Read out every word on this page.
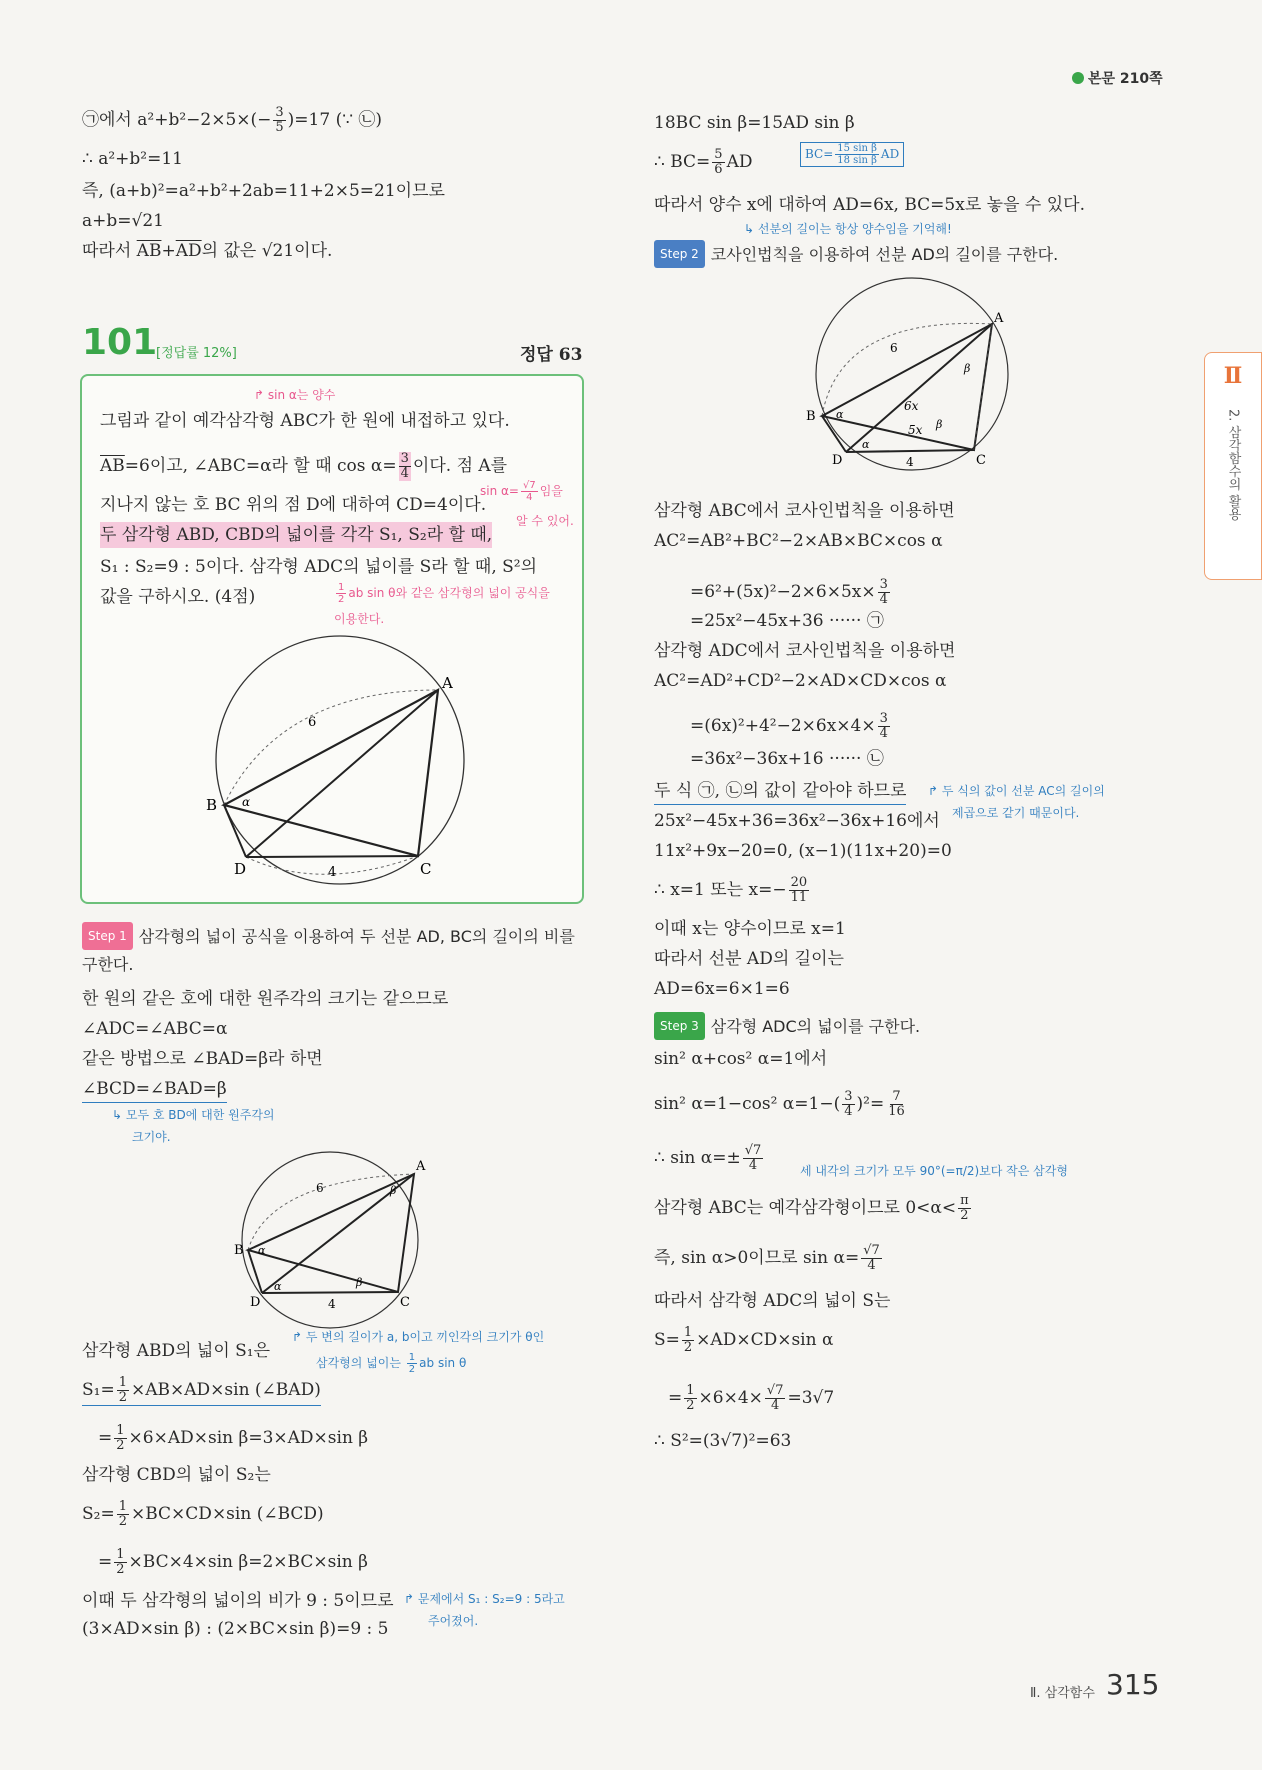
본문 210쪽
Ⅱ
2. 삼각함수의 활용
㉠에서 $a^2+b^2-2\times 5\times(- \frac{3}{5} )=17$ (∵ ㉡)
∴ a²+b²=11
즉, (a+b)²=a²+b²+2ab=11+2×5=21이므로
a+b=√21
따라서 $\overline{AB}+\overline{AD}$의 값은 √21이다.
101
[정답률 12%]	정답 63
↱ sin α는 양수
그림과 같이 예각삼각형 ABC가 한 원에 내접하고 있다.
$\overline{AB}=6$이고, ∠ABC=α라 할 때 $\cos \alpha= \frac{3}{4}$ 이다. 점 A를
$\sin \alpha= \frac{√7}{4}$ 임을
알 수 있어.
지나지 않는 호 BC 위의 점 D에 대하여 CD=4이다.
두 삼각형 ABD, CBD의 넓이를 각각 S₁, S₂라 할 때,
S₁ : S₂=9 : 5이다. 삼각형 ADC의 넓이를 S라 할 때, S²의
값을 구하시오. (4점)	$\frac{1}{2}$ ab sin θ와 같은 삼각형의 넓이 공식을
이용한다.
A
B
C
D
6
4
α
Step 1 삼각형의 넓이 공식을 이용하여 두 선분 AD, BC의 길이의 비를
구한다.
한 원의 같은 호에 대한 원주각의 크기는 같으므로
∠ADC=∠ABC=α
같은 방법으로 ∠BAD=β라 하면
∠BCD=∠BAD=β
↳ 모두 호 BD에 대한 원주각의
크기야.
A
B
C
D
6
4
α
α
β
β
↱ 두 변의 길이가 a, b이고 끼인각의 크기가 θ인
삼각형의 넓이는 $\frac{1}{2}$ ab sin θ
삼각형 ABD의 넓이 S₁은
$S_1= \frac{1}{2} \times AB\times AD\times\sin$ (∠BAD)
= $\frac{1}{2} \times 6\times AD\times\sin$ β=3×AD×sin β
삼각형 CBD의 넓이 S₂는
$S_2= \frac{1}{2} \times BC\times CD\times\sin$ (∠BCD)
= $\frac{1}{2} \times BC\times 4\times\sin$ β=2×BC×sin β
이때 두 삼각형의 넓이의 비가 9 : 5이므로 ↱ 문제에서 S₁ : S₂=9 : 5라고
주어졌어.
(3×AD×sin β) : (2×BC×sin β)=9 : 5
18BC sin β=15AD sin β
∴ $BC= \frac{5}{6}$ AD	$BC= \frac{\text{15 sin β}}{\text{18 sin β}}$ AD
따라서 양수 x에 대하여 AD=6x, BC=5x로 놓을 수 있다.
↳ 선분의 길이는 항상 양수임을 기억해!
Step 2 코사인법칙을 이용하여 선분 AD의 길이를 구한다.
A
B
C
D
6
4
6x
5x
α
α
β
β
삼각형 ABC에서 코사인법칙을 이용하면
AC²=AB²+BC²−2×AB×BC×cos α
$=6^2+(5x)^2-2\times 6\times 5x\times \frac{3}{4}$
=25x²−45x+36 ······ ㉠
삼각형 ADC에서 코사인법칙을 이용하면
AC²=AD²+CD²−2×AD×CD×cos α
$=(6x)^2+4^2-2\times 6x\times 4\times \frac{3}{4}$
=36x²−36x+16 ······ ㉡
두 식 ㉠, ㉡의 값이 같아야 하므로 ↱ 두 식의 값이 선분 AC의 길이의
제곱으로 같기 때문이다.
25x²−45x+36=36x²−36x+16에서
11x²+9x−20=0, (x−1)(11x+20)=0
∴ x=1 또는 $x=- \frac{20}{11}$
이때 x는 양수이므로 x=1
따라서 선분 AD의 길이는
AD=6x=6×1=6
Step 3 삼각형 ADC의 넓이를 구한다.
sin² α+cos² α=1에서
sin² α=1−cos² $\alpha=1-( \frac{3}{4} )^2= \frac{7}{16}$
∴ $\sin \alpha=\pm \frac{√7}{4}$	세 내각의 크기가 모두 90°(=π/2)보다 작은 삼각형
삼각형 ABC는 예각삼각형이므로 $0<\alpha< \frac{\pi}{2}$
즉, sin α>0이므로 $\sin \alpha= \frac{√7}{4}$
따라서 삼각형 ADC의 넓이 S는
$S= \frac{1}{2} \times AD\times CD\times\sin$ α
= $\frac{1}{2} \times 6\times 4\times \frac{√7}{4} =3√7$
∴ S²=(3√7)²=63
Ⅱ. 삼각함수 315
